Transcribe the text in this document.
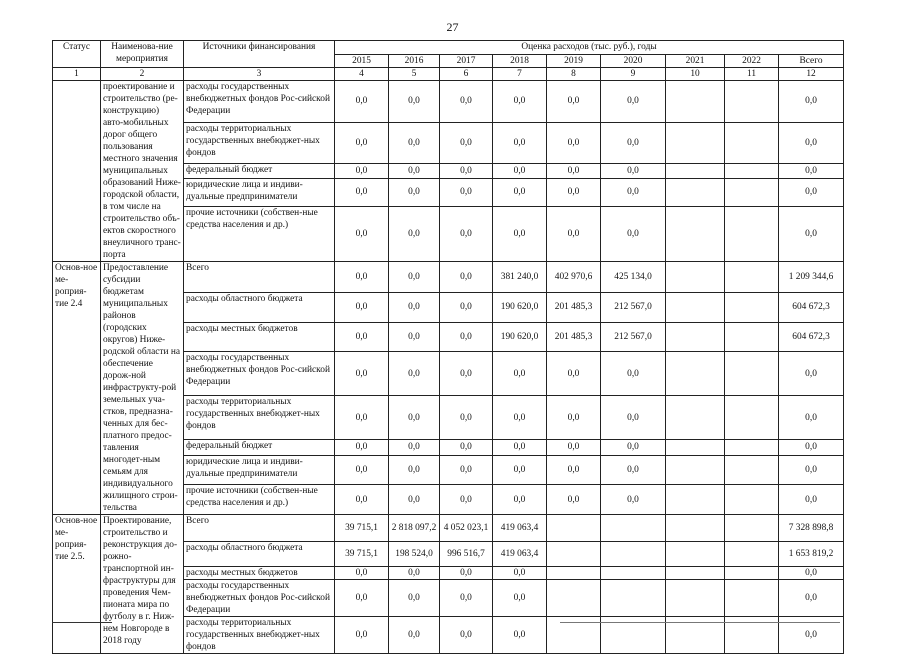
27
Статус	Наименова-ние мероприятия	Источники финансирования	Оценка расходов (тыс. руб.), годы								
			2015	2016	2017	2018	2019	2020	2021	2022	Всего
1	2	3	4	5	6	7	8	9	10	11	12
	проектирование и строительство (ре-конструкцию) авто-мобильных дорог общего пользования местного значения муниципальных образований Ниже-городской области, в том числе на строительство объ-ектов скоростного внеуличного транс-порта	расходы государственных внебюджетных фондов Рос-сийской Федерации	0,0	0,0	0,0	0,0	0,0	0,0			0,0
		расходы территориальных государственных внебюджет-ных фондов	0,0	0,0	0,0	0,0	0,0	0,0			0,0
		федеральный бюджет	0,0	0,0	0,0	0,0	0,0	0,0			0,0
		юридические лица и индиви-дуальные предприниматели	0,0	0,0	0,0	0,0	0,0	0,0			0,0
		прочие источники (собствен-ные средства населения и др.)	0,0	0,0	0,0	0,0	0,0	0,0			0,0
Основ-ное ме-роприя-тие 2.4	Предоставление субсидии бюджетам муниципальных районов (городских округов) Ниже-родской области на обеспечение дорож-ной инфраструкту-рой земельных уча-стков, предназна-ченных для бес-платного предос-тавления многодет-ным семьям для индивидуального жилищного строи-тельства	Всего	0,0	0,0	0,0	381 240,0	402 970,6	425 134,0			1 209 344,6
		расходы областного бюджета	0,0	0,0	0,0	190 620,0	201 485,3	212 567,0			604 672,3
		расходы местных бюджетов	0,0	0,0	0,0	190 620,0	201 485,3	212 567,0			604 672,3
		расходы государственных внебюджетных фондов Рос-сийской Федерации	0,0	0,0	0,0	0,0	0,0	0,0			0,0
		расходы территориальных государственных внебюджет-ных фондов	0,0	0,0	0,0	0,0	0,0	0,0			0,0
		федеральный бюджет	0,0	0,0	0,0	0,0	0,0	0,0			0,0
		юридические лица и индиви-дуальные предприниматели	0,0	0,0	0,0	0,0	0,0	0,0			0,0
		прочие источники (собствен-ные средства населения и др.)	0,0	0,0	0,0	0,0	0,0	0,0			0,0
Основ-ное ме-роприя-тие 2.5.	Проектирование, строительство и реконструкция до-рожно-транспортной ин-фраструктуры для проведения Чем-пионата мира по футболу в г. Ниж-нем Новгороде в 2018 году	Всего	39 715,1	2 818 097,2	4 052 023,1	419 063,4					7 328 898,8
		расходы областного бюджета	39 715,1	198 524,0	996 516,7	419 063,4					1 653 819,2
		расходы местных бюджетов	0,0	0,0	0,0	0,0					0,0
		расходы государственных внебюджетных фондов Рос-сийской Федерации	0,0	0,0	0,0	0,0					0,0
		расходы территориальных государственных внебюджет-ных фондов	0,0	0,0	0,0	0,0					0,0
